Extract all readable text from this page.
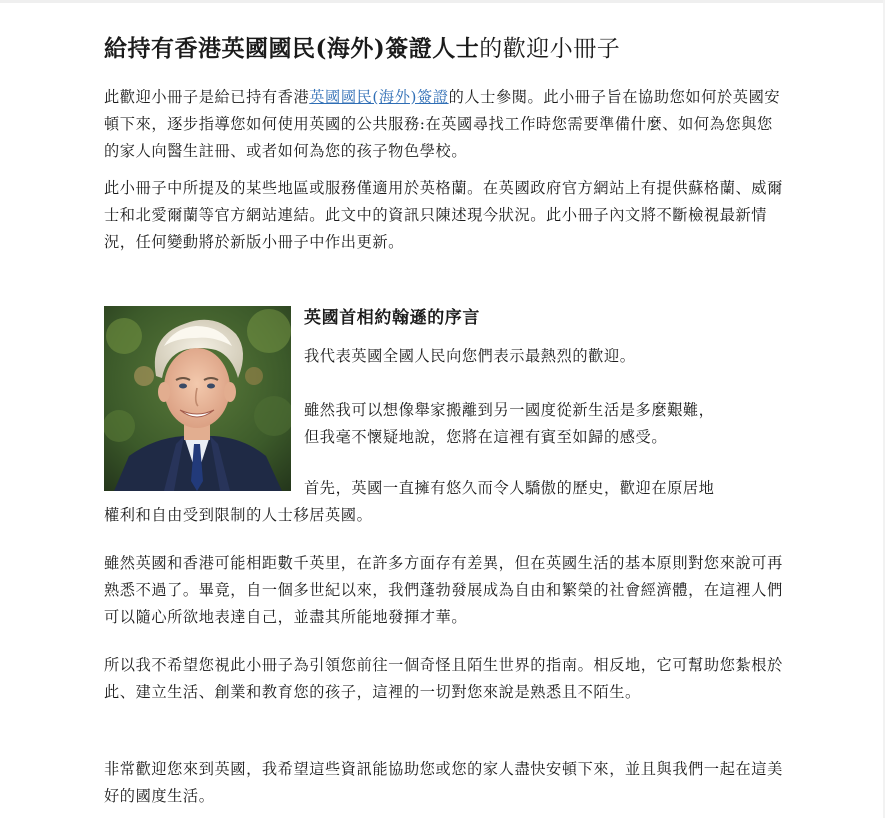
給持有香港英國國民(海外)簽證人士的歡迎小冊子

此歡迎小冊子是給已持有香港英國國民(海外)簽證的人士參閱。此小冊子旨在協助您如何於英國安頓下來，逐步指導您如何使用英國的公共服務:在英國尋找工作時您需要準備什麼、如何為您與您的家人向醫生註冊、或者如何為您的孩子物色學校。

此小冊子中所提及的某些地區或服務僅適用於英格蘭。在英國政府官方網站上有提供蘇格蘭、威爾士和北愛爾蘭等官方網站連結。此文中的資訊只陳述現今狀況。此小冊子內文將不斷檢視最新情況，任何變動將於新版小冊子中作出更新。

英國首相約翰遜的序言

我代表英國全國人民向您們表示最熱烈的歡迎。

雖然我可以想像舉家搬離到另一國度從新生活是多麼艱難，

但我毫不懷疑地說，您將在這裡有賓至如歸的感受。

首先，英國一直擁有悠久而令人驕傲的歷史，歡迎在原居地

權利和自由受到限制的人士移居英國。

雖然英國和香港可能相距數千英里，在許多方面存有差異，但在英國生活的基本原則對您來說可再熟悉不過了。畢竟，自一個多世紀以來，我們蓬勃發展成為自由和繁榮的社會經濟體，在這裡人們可以隨心所欲地表達自己，並盡其所能地發揮才華。

所以我不希望您視此小冊子為引領您前往一個奇怪且陌生世界的指南。相反地，它可幫助您紮根於此、建立生活、創業和教育您的孩子，這裡的一切對您來說是熟悉且不陌生。

非常歡迎您來到英國，我希望這些資訊能協助您或您的家人盡快安頓下來，並且與我們一起在這美好的國度生活。
